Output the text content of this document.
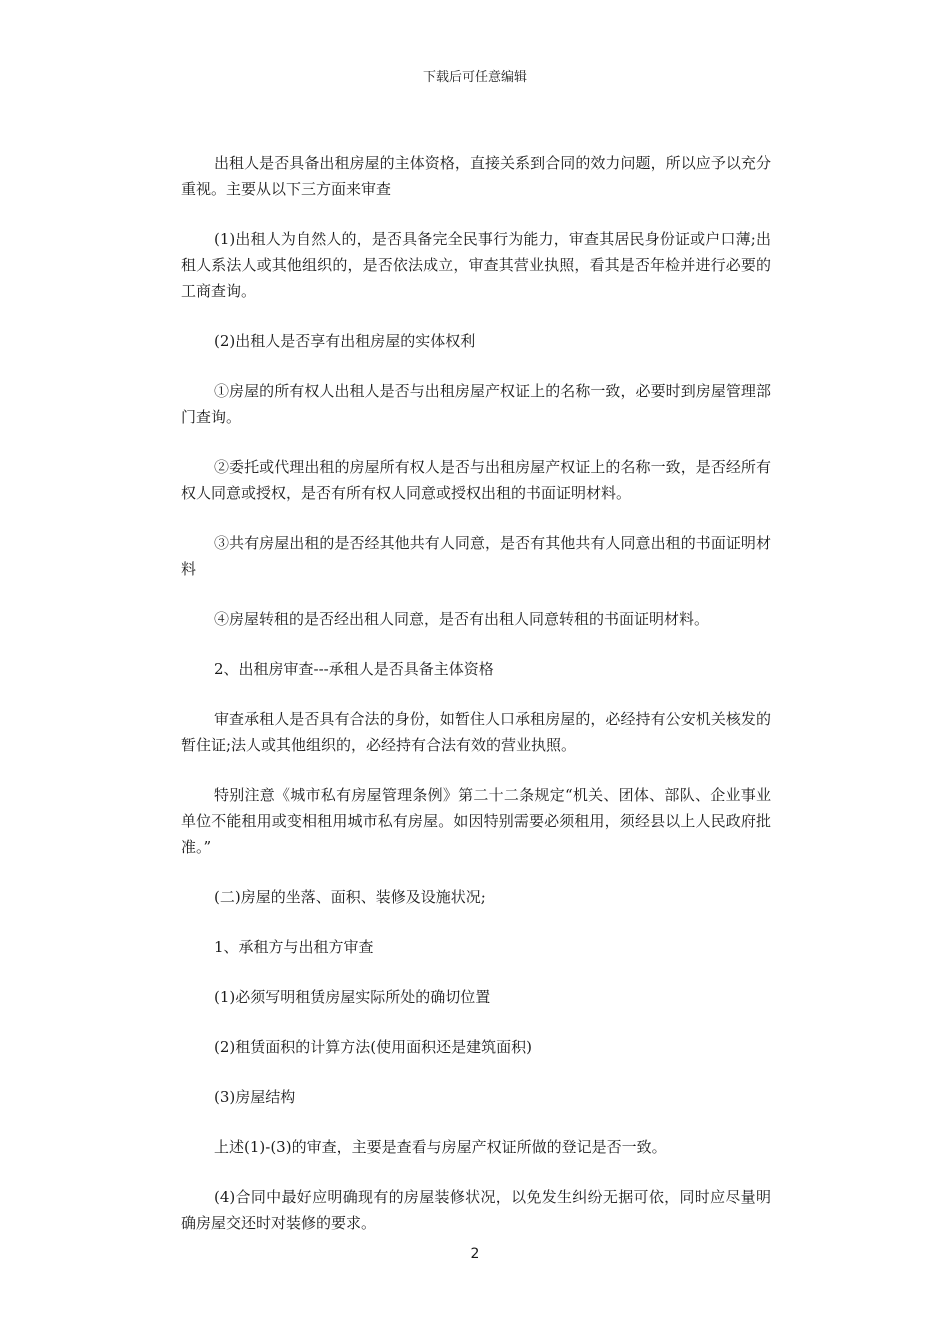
下载后可任意编辑

出租人是否具备出租房屋的主体资格，直接关系到合同的效力问题，所以应予以充分重视。主要从以下三方面来审查

(1)出租人为自然人的，是否具备完全民事行为能力，审查其居民身份证或户口薄;出租人系法人或其他组织的，是否依法成立，审查其营业执照，看其是否年检并进行必要的工商查询。

(2)出租人是否享有出租房屋的实体权利

①房屋的所有权人出租人是否与出租房屋产权证上的名称一致，必要时到房屋管理部门查询。

②委托或代理出租的房屋所有权人是否与出租房屋产权证上的名称一致，是否经所有权人同意或授权，是否有所有权人同意或授权出租的书面证明材料。

③共有房屋出租的是否经其他共有人同意，是否有其他共有人同意出租的书面证明材料

④房屋转租的是否经出租人同意，是否有出租人同意转租的书面证明材料。

2、出租房审查---承租人是否具备主体资格

审查承租人是否具有合法的身份，如暂住人口承租房屋的，必经持有公安机关核发的暂住证;法人或其他组织的，必经持有合法有效的营业执照。

特别注意《城市私有房屋管理条例》第二十二条规定“机关、团体、部队、企业事业单位不能租用或变相租用城市私有房屋。如因特别需要必须租用，须经县以上人民政府批准。”

(二)房屋的坐落、面积、装修及设施状况;

1、承租方与出租方审查

(1)必须写明租赁房屋实际所处的确切位置

(2)租赁面积的计算方法(使用面积还是建筑面积)

(3)房屋结构

上述(1)-(3)的审查，主要是查看与房屋产权证所做的登记是否一致。

(4)合同中最好应明确现有的房屋装修状况，以免发生纠纷无据可依，同时应尽量明确房屋交还时对装修的要求。

2
